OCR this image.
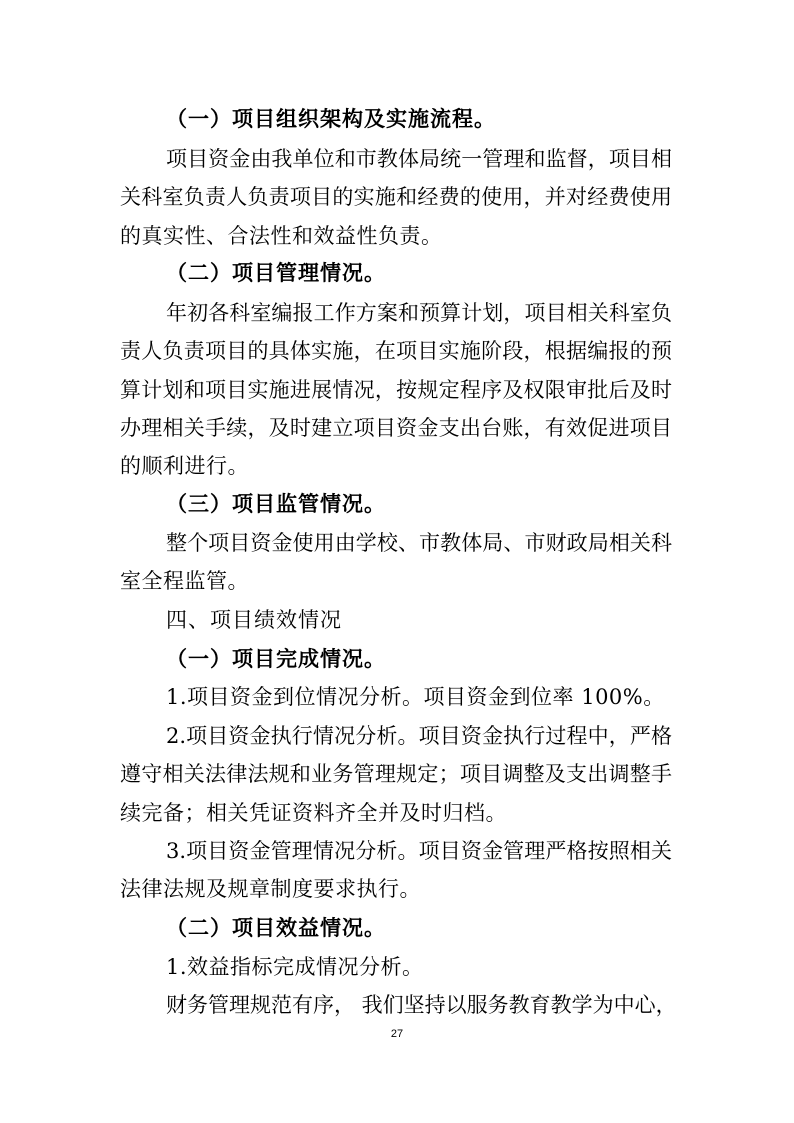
（一）项目组织架构及实施流程。
项目资金由我单位和市教体局统一管理和监督，项目相
关科室负责人负责项目的实施和经费的使用，并对经费使用
的真实性、合法性和效益性负责。
（二）项目管理情况。
年初各科室编报工作方案和预算计划，项目相关科室负
责人负责项目的具体实施，在项目实施阶段，根据编报的预
算计划和项目实施进展情况，按规定程序及权限审批后及时
办理相关手续，及时建立项目资金支出台账，有效促进项目
的顺利进行。
（三）项目监管情况。
整个项目资金使用由学校、市教体局、市财政局相关科
室全程监管。
四、项目绩效情况
（一）项目完成情况。
1.项目资金到位情况分析。项目资金到位率 100%。
2.项目资金执行情况分析。项目资金执行过程中，严格
遵守相关法律法规和业务管理规定；项目调整及支出调整手
续完备；相关凭证资料齐全并及时归档。
3.项目资金管理情况分析。项目资金管理严格按照相关
法律法规及规章制度要求执行。
（二）项目效益情况。
1.效益指标完成情况分析。
财务管理规范有序， 我们坚持以服务教育教学为中心，
27
